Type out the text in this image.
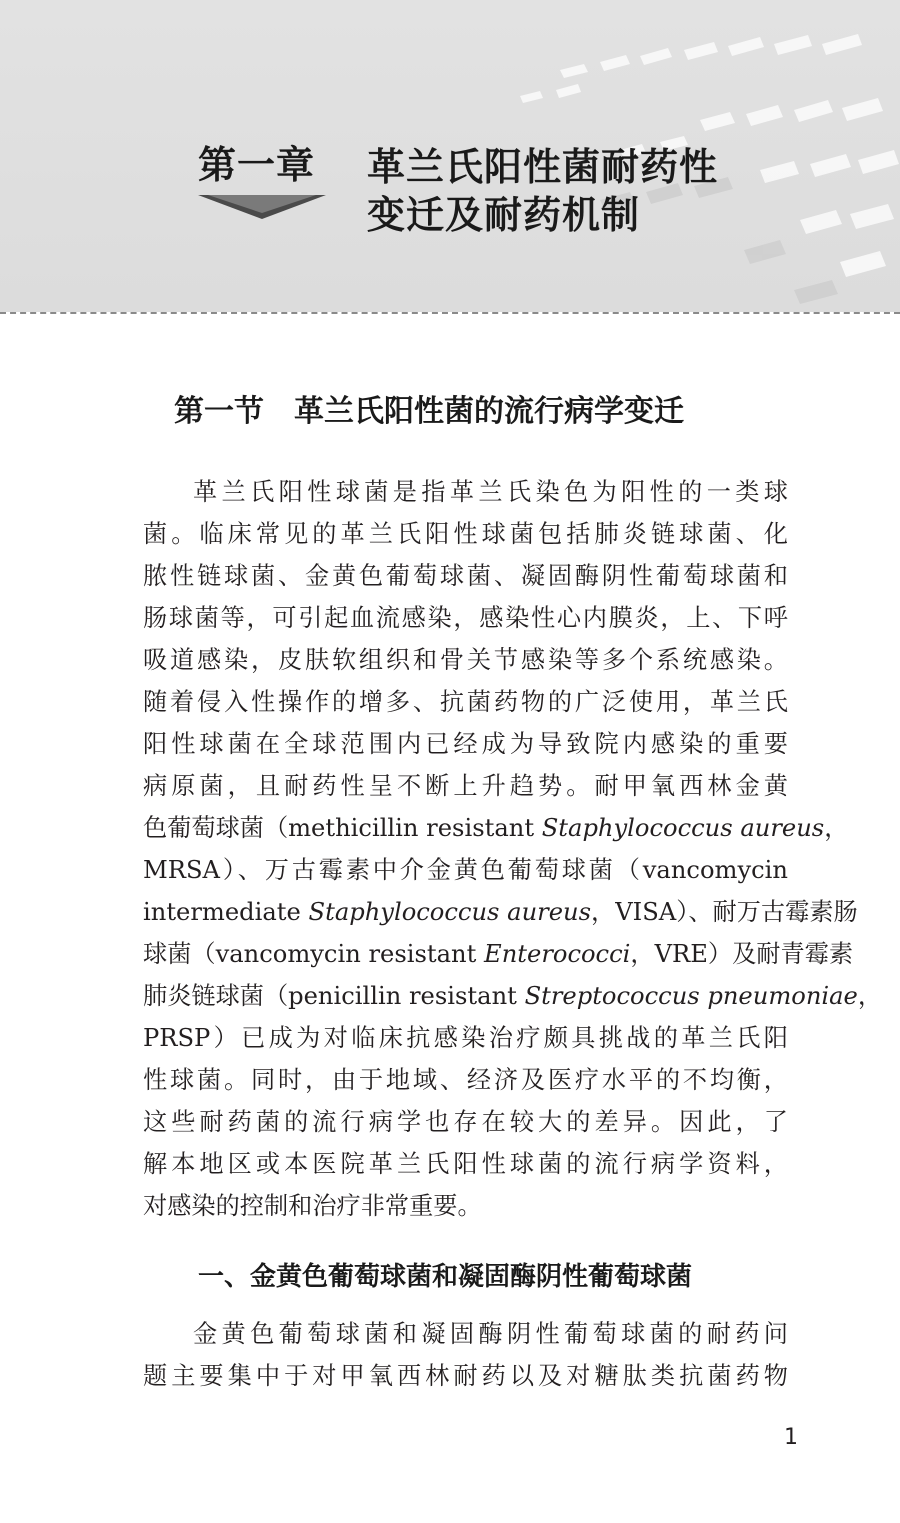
第一章 革兰氏阳性菌耐药性
变迁及耐药机制
第一节　革兰氏阳性菌的流行病学变迁
革兰氏阳性球菌是指革兰氏染色为阳性的一类球
菌。临床常见的革兰氏阳性球菌包括肺炎链球菌、化
脓性链球菌、金黄色葡萄球菌、凝固酶阴性葡萄球菌和
肠球菌等，可引起血流感染，感染性心内膜炎，上、下呼
吸道感染，皮肤软组织和骨关节感染等多个系统感染。
随着侵入性操作的增多、抗菌药物的广泛使用，革兰氏
阳性球菌在全球范围内已经成为导致院内感染的重要
病原菌，且耐药性呈不断上升趋势。耐甲氧西林金黄
色葡萄球菌（methicillin resistant Staphylococcus aureus，
MRSA）、万古霉素中介金黄色葡萄球菌（vancomycin
intermediate Staphylococcus aureus，VISA）、耐万古霉素肠
球菌（vancomycin resistant Enterococci，VRE）及耐青霉素
肺炎链球菌（penicillin resistant Streptococcus pneumoniae，
PRSP）已成为对临床抗感染治疗颇具挑战的革兰氏阳
性球菌。同时，由于地域、经济及医疗水平的不均衡，
这些耐药菌的流行病学也存在较大的差异。因此，了
解本地区或本医院革兰氏阳性球菌的流行病学资料，
对感染的控制和治疗非常重要。
一、金黄色葡萄球菌和凝固酶阴性葡萄球菌
金黄色葡萄球菌和凝固酶阴性葡萄球菌的耐药问
题主要集中于对甲氧西林耐药以及对糖肽类抗菌药物
1
